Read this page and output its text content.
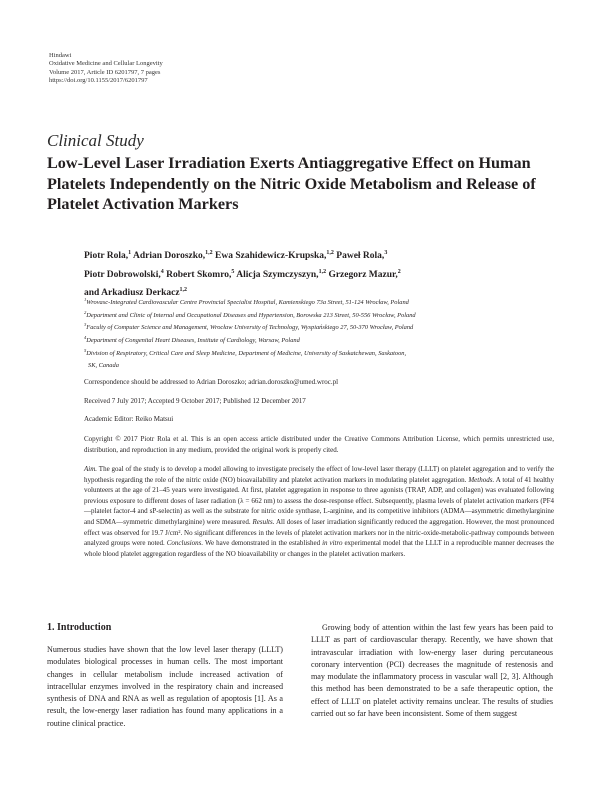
Hindawi
Oxidative Medicine and Cellular Longevity
Volume 2017, Article ID 6201797, 7 pages
https://doi.org/10.1155/2017/6201797
Clinical Study
Low-Level Laser Irradiation Exerts Antiaggregative Effect on Human Platelets Independently on the Nitric Oxide Metabolism and Release of Platelet Activation Markers
Piotr Rola,$^1$ Adrian Doroszko,$^{1,2}$ Ewa Szahidewicz-Krupska,$^{1,2}$ Paweł Rola,$^3$
Piotr Dobrowolski,$^4$ Robert Skomro,$^5$ Alicja Szymczyszyn,$^{1,2}$ Grzegorz Mazur,$^2$
and Arkadiusz Derkacz$^{1,2}$
$^1$Wrovasc-Integrated Cardiovascular Centre Provincial Specialist Hospital, Kamienskiego 73a Street, 51-124 Wrocław, Poland
$^2$Department and Clinic of Internal and Occupational Diseases and Hypertension, Borowska 213 Street, 50-556 Wrocław, Poland
$^3$Faculty of Computer Science and Management, Wrocław University of Technology, Wyspiańskiego 27, 50-370 Wrocław, Poland
$^4$Department of Congenital Heart Diseases, Institute of Cardiology, Warsaw, Poland
$^5$Division of Respiratory, Critical Care and Sleep Medicine, Department of Medicine, University of Saskatchewan, Saskatoon,
SK, Canada
Correspondence should be addressed to Adrian Doroszko; adrian.doroszko@umed.wroc.pl
Received 7 July 2017; Accepted 9 October 2017; Published 12 December 2017
Academic Editor: Reiko Matsui
Copyright © 2017 Piotr Rola et al. This is an open access article distributed under the Creative Commons Attribution License, which permits unrestricted use, distribution, and reproduction in any medium, provided the original work is properly cited.
Aim. The goal of the study is to develop a model allowing to investigate precisely the effect of low-level laser therapy (LLLT) on platelet aggregation and to verify the hypothesis regarding the role of the nitric oxide (NO) bioavailability and platelet activation markers in modulating platelet aggregation. Methods. A total of 41 healthy volunteers at the age of 21–45 years were investigated. At first, platelet aggregation in response to three agonists (TRAP, ADP, and collagen) was evaluated following previous exposure to different doses of laser radiation (λ = 662 nm) to assess the dose-response effect. Subsequently, plasma levels of platelet activation markers (PF4—platelet factor-4 and sP-selectin) as well as the substrate for nitric oxide synthase, L-arginine, and its competitive inhibitors (ADMA—asymmetric dimethylarginine and SDMA—symmetric dimethylarginine) were measured. Results. All doses of laser irradiation significantly reduced the aggregation. However, the most pronounced effect was observed for 19.7 J/cm². No significant differences in the levels of platelet activation markers nor in the nitric-oxide-metabolic-pathway compounds between analyzed groups were noted. Conclusions. We have demonstrated in the established in vitro experimental model that the LLLT in a reproducible manner decreases the whole blood platelet aggregation regardless of the NO bioavailability or changes in the platelet activation markers.
1. Introduction
Numerous studies have shown that the low level laser therapy (LLLT) modulates biological processes in human cells. The most important changes in cellular metabolism include increased activation of intracellular enzymes involved in the respiratory chain and increased synthesis of DNA and RNA as well as regulation of apoptosis [1]. As a result, the low-energy laser radiation has found many applications in a routine clinical practice.
Growing body of attention within the last few years has been paid to LLLT as part of cardiovascular therapy. Recently, we have shown that intravascular irradiation with low-energy laser during percutaneous coronary intervention (PCI) decreases the magnitude of restenosis and may modulate the inflammatory process in vascular wall [2, 3]. Although this method has been demonstrated to be a safe therapeutic option, the effect of LLLT on platelet activity remains unclear. The results of studies carried out so far have been inconsistent. Some of them suggest
